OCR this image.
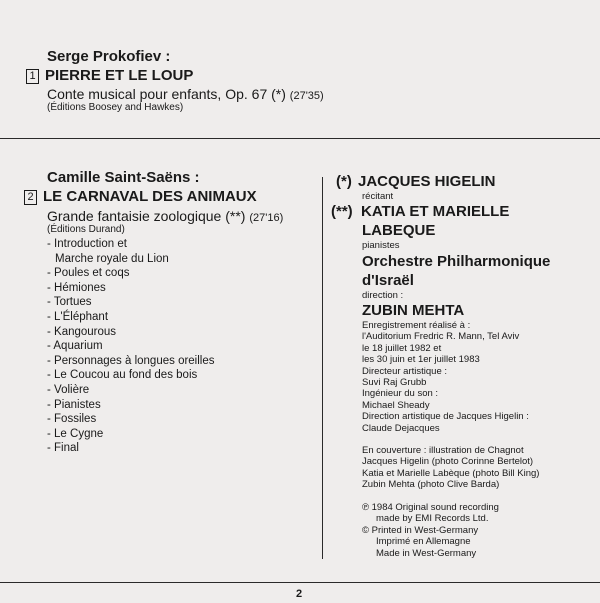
Serge Prokofiev :
1 PIERRE ET LE LOUP
Conte musical pour enfants, Op. 67 (*) (27'35)
(Éditions Boosey and Hawkes)
Camille Saint-Saëns :
2 LE CARNAVAL DES ANIMAUX
Grande fantaisie zoologique (**) (27'16)
(Éditions Durand)
- Introduction et
Marche royale du Lion
- Poules et coqs
- Hémiones
- Tortues
- L'Éléphant
- Kangourous
- Aquarium
- Personnages à longues oreilles
- Le Coucou au fond des bois
- Volière
- Pianistes
- Fossiles
- Le Cygne
- Final
(*) JACQUES HIGELIN
récitant
(**) KATIA ET MARIELLE
LABEQUE
pianistes
Orchestre Philharmonique
d'Israël
direction :
ZUBIN MEHTA

Enregistrement réalisé à :

l'Auditorium Fredric R. Mann, Tel Aviv

le 18 juillet 1982 et

les 30 juin et 1er juillet 1983

Directeur artistique :

Suvi Raj Grubb

Ingénieur du son :

Michael Sheady

Direction artistique de Jacques Higelin :

Claude Dejacques

En couverture : illustration de Chagnot

Jacques Higelin (photo Corinne Bertelot)

Katia et Marielle Labèque (photo Bill King)

Zubin Mehta (photo Clive Barda)

℗ 1984 Original sound recording

made by EMI Records Ltd.

© Printed in West-Germany

Imprimé en Allemagne

Made in West-Germany

2
